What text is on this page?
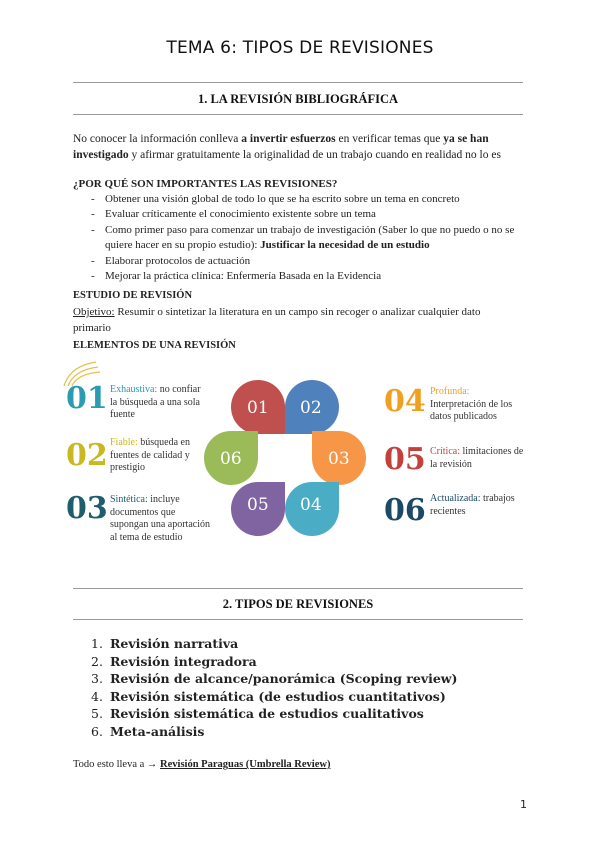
TEMA 6: TIPOS DE REVISIONES
1. LA REVISIÓN BIBLIOGRÁFICA
No conocer la información conlleva a invertir esfuerzos en verificar temas que ya se han investigado y afirmar gratuitamente la originalidad de un trabajo cuando en realidad no lo es
¿POR QUÉ SON IMPORTANTES LAS REVISIONES?
- Obtener una visión global de todo lo que se ha escrito sobre un tema en concreto
- Evaluar críticamente el conocimiento existente sobre un tema
- Como primer paso para comenzar un trabajo de investigación (Saber lo que no puedo o no se quiere hacer en su propio estudio): Justificar la necesidad de un estudio
- Elaborar protocolos de actuación
- Mejorar la práctica clínica: Enfermería Basada en la Evidencia
ESTUDIO DE REVISIÓN
Objetivo: Resumir o sintetizar la literatura en un campo sin recoger o analizar cualquier dato primario
ELEMENTOS DE UNA REVISIÓN
01 Exhaustiva: no confiar la búsqueda a una sola fuente
02 Fiable: búsqueda en fuentes de calidad y prestigio
03 Sintética: incluye documentos que supongan una aportación al tema de estudio
04 Profunda: Interpretación de los datos publicados
05 Crítica: limitaciones de la revisión
06 Actualizada: trabajos recientes
01 02
03
04
05
06
2. TIPOS DE REVISIONES
1. Revisión narrativa
2. Revisión integradora
3. Revisión de alcance/panorámica (Scoping review)
4. Revisión sistemática (de estudios cuantitativos)
5. Revisión sistemática de estudios cualitativos
6. Meta-análisis
Todo esto lleva a → Revisión Paraguas (Umbrella Review)
1
